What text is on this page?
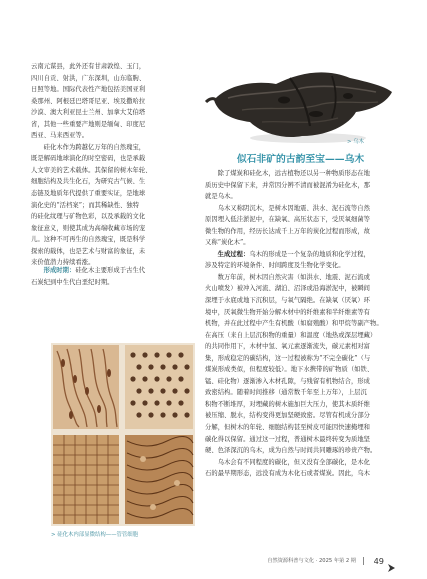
云南元谋县，此外还有甘肃敦煌、玉门，

四川自贡、射洪，广东深圳，山东临朐、

日照等地。国际代表性产地包括美国亚利

桑那州、阿根廷巴塔哥尼亚、埃及撒哈拉

沙漠、澳大利亚昆士兰州、加拿大艾伯塔

省，其他一些重要产地则是缅甸、印度尼

西亚、马来西亚等。

硅化木作为跨越亿万年的自然瑰宝，

既是解码地球演化的时空密码，也是承载

人文审美的艺术载体。其保留的树木年轮、

细胞结构及共生化石，为研究古气候、生

态链及地质年代提供了重要实证，是地球

演化史的“活档案”；而其稀缺性、独特

的硅化纹理与矿物色彩，以及承载的文化

象征意义，则使其成为高端收藏市场的宠

儿。这种不可再生的自然瑰宝，既是科学

探索的载体，也是艺术与财富的象征，未

来价值潜力持续看涨。

形成时期：硅化木主要形成于古生代

石炭纪到中生代白垩纪时期。

> 硅化木内部显微结构——管管细胞
> 乌木
似石非矿的古韵至宝——乌木

除了煤炭和硅化木，远古植物还以另一种物质形态在地

质历史中保留下来，并常因分辨不清而被混淆为硅化木，那

就是乌木。

乌木又称阴沉木，是树木因地震、洪水、泥石流等自然

原因埋入低洼淤泥中，在缺氧、高压状态下，受厌氧细菌等

微生物的作用，经历长达成千上万年的炭化过程而形成，故

又称“炭化木”。

生成过程：乌木的形成是一个复杂的地质和化学过程，

涉及特定的环境条件、时间跨度及生物化学变化。

数万年前，树木因自然灾害（如洪水、地震、泥石流或

火山喷发）被冲入河流、湖泊、沼泽或沿海淤泥中，被瞬间

深埋于水底或地下沉积层，与氧气隔绝。在缺氧（厌氧）环

境中，厌氧微生物开始分解木材中的纤维素和半纤维素等有

机物，并在此过程中产生有机酸（如腐殖酸）和甲烷等副产物。

在高压（来自上层沉积物的重量）和温度（地热或深层埋藏）

的共同作用下，木材中氢、氧元素逐渐流失，碳元素相对富

集，形成稳定的碳结构，这一过程被称为“不完全碳化”（与

煤炭形成类似，但程度较低）。地下水携带的矿物质（如铁、

锰、硅化物）逐渐渗入木材孔隙，与残留有机物结合，形成

致密结构。随着时间推移（通常数千年至上万年），上层沉

积物不断堆厚，对埋藏的树木施加巨大压力，使其木质纤维

被压缩、脱水，结构变得更加坚硬致密。尽管有机成分部分

分解，但树木的年轮、细胞结构甚至树皮可能因快速掩埋和

碳化得以保留。通过这一过程，普通树木最终转变为质地坚

硬、色泽深沉的乌木，成为自然与时间共同雕琢的珍贵产物。

乌木会有不同程度的碳化，但又没有全部碳化，是木化

石的最早期形态，远没有成为木化石或者煤炭。因此，乌木

自然资源科普与文化 · 2025 年第 2 期 49
